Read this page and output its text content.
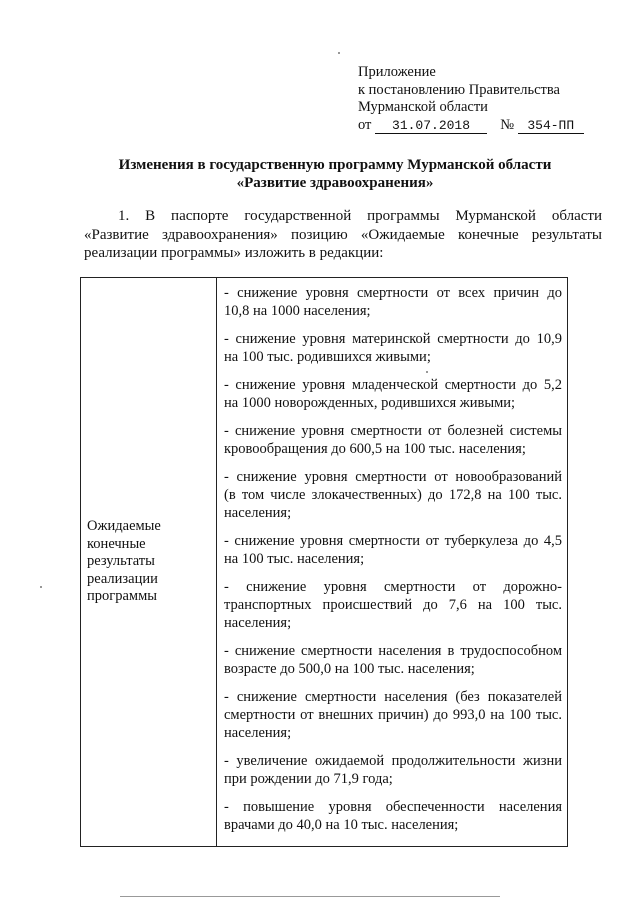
Приложение
к постановлению Правительства
Мурманской области
от 31.07.2018 № 354-ПП
Изменения в государственную программу Мурманской области
«Развитие здравоохранения»
1. В паспорте государственной программы Мурманской области
«Развитие здравоохранения» позицию «Ожидаемые конечные результаты
реализации программы» изложить в редакции:
Ожидаемые
конечные
результаты
реализации
программы
- снижение уровня смертности от всех причин до
10,8 на 1000 населения;
- снижение уровня материнской смертности до 10,9
на 100 тыс. родившихся живыми;
- снижение уровня младенческой смертности до 5,2
на 1000 новорожденных, родившихся живыми;
- снижение уровня смертности от болезней системы
кровообращения до 600,5 на 100 тыс. населения;
- снижение уровня смертности от новообразований
(в том числе злокачественных) до 172,8 на 100 тыс.
населения;
- снижение уровня смертности от туберкулеза до 4,5
на 100 тыс. населения;
- снижение уровня смертности от дорожно-
транспортных происшествий до 7,6 на 100 тыс.
населения;
- снижение смертности населения в трудоспособном
возрасте до 500,0 на 100 тыс. населения;
- снижение смертности населения (без показателей
смертности от внешних причин) до 993,0 на 100 тыс.
населения;
- увеличение ожидаемой продолжительности жизни
при рождении до 71,9 года;
- повышение уровня обеспеченности населения
врачами до 40,0 на 10 тыс. населения;
